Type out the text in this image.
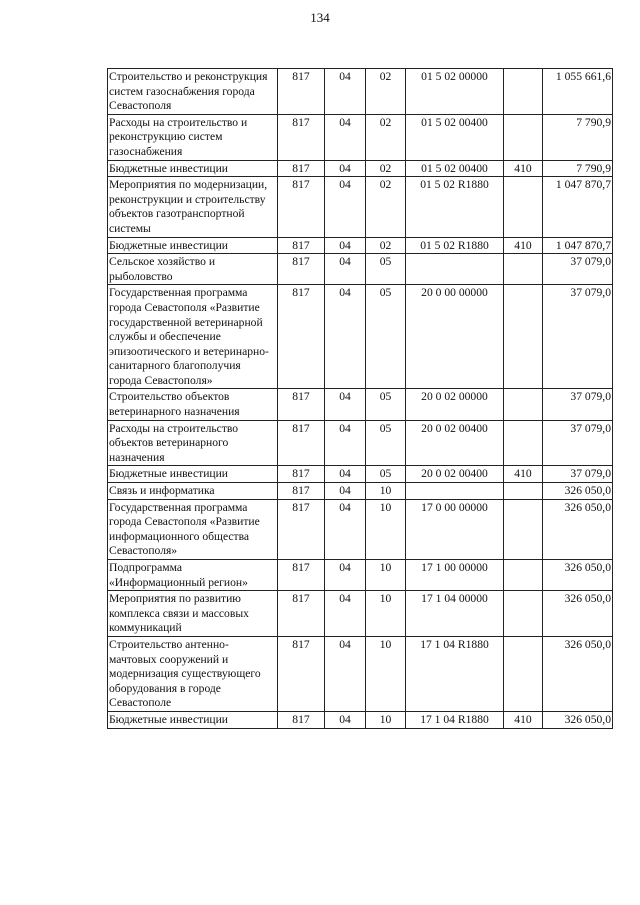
134
Строительство и реконструкция систем газоснабжения города Севастополя	817	04	02	01 5 02 00000		1 055 661,6
Расходы на строительство и реконструкцию систем газоснабжения	817	04	02	01 5 02 00400		7 790,9
Бюджетные инвестиции	817	04	02	01 5 02 00400	410	7 790,9
Мероприятия по модернизации, реконструкции и строительству объектов газотранспортной системы	817	04	02	01 5 02 R1880		1 047 870,7
Бюджетные инвестиции	817	04	02	01 5 02 R1880	410	1 047 870,7
Сельское хозяйство и рыболовство	817	04	05			37 079,0
Государственная программа города Севастополя «Развитие государственной ветеринарной службы и обеспечение эпизоотического и ветеринарно-санитарного благополучия города Севастополя»	817	04	05	20 0 00 00000		37 079,0
Строительство объектов ветеринарного назначения	817	04	05	20 0 02 00000		37 079,0
Расходы на строительство объектов ветеринарного назначения	817	04	05	20 0 02 00400		37 079,0
Бюджетные инвестиции	817	04	05	20 0 02 00400	410	37 079,0
Связь и информатика	817	04	10			326 050,0
Государственная программа города Севастополя «Развитие информационного общества Севастополя»	817	04	10	17 0 00 00000		326 050,0
Подпрограмма «Информационный регион»	817	04	10	17 1 00 00000		326 050,0
Мероприятия по развитию комплекса связи и массовых коммуникаций	817	04	10	17 1 04 00000		326 050,0
Строительство антенно-мачтовых сооружений и модернизация существующего оборудования в городе Севастополе	817	04	10	17 1 04 R1880		326 050,0
Бюджетные инвестиции	817	04	10	17 1 04 R1880	410	326 050,0
